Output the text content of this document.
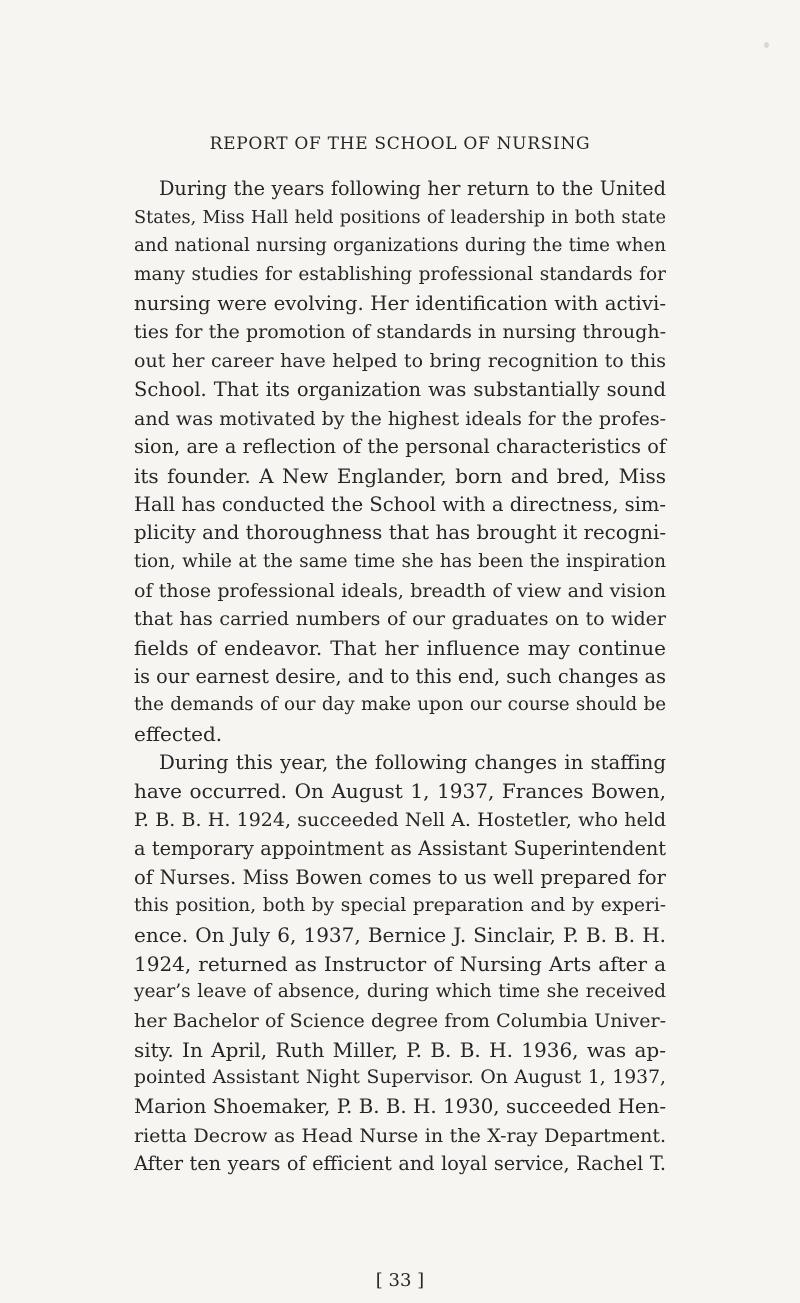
REPORT OF THE SCHOOL OF NURSING
During the years following her return to the United
States, Miss Hall held positions of leadership in both state
and national nursing organizations during the time when
many studies for establishing professional standards for
nursing were evolving. Her identification with activi-
ties for the promotion of standards in nursing through-
out her career have helped to bring recognition to this
School. That its organization was substantially sound
and was motivated by the highest ideals for the profes-
sion, are a reflection of the personal characteristics of
its founder. A New Englander, born and bred, Miss
Hall has conducted the School with a directness, sim-
plicity and thoroughness that has brought it recogni-
tion, while at the same time she has been the inspiration
of those professional ideals, breadth of view and vision
that has carried numbers of our graduates on to wider
fields of endeavor. That her influence may continue
is our earnest desire, and to this end, such changes as
the demands of our day make upon our course should be
effected.
During this year, the following changes in staffing
have occurred. On August 1, 1937, Frances Bowen,
P. B. B. H. 1924, succeeded Nell A. Hostetler, who held
a temporary appointment as Assistant Superintendent
of Nurses. Miss Bowen comes to us well prepared for
this position, both by special preparation and by experi-
ence. On July 6, 1937, Bernice J. Sinclair, P. B. B. H.
1924, returned as Instructor of Nursing Arts after a
year’s leave of absence, during which time she received
her Bachelor of Science degree from Columbia Univer-
sity. In April, Ruth Miller, P. B. B. H. 1936, was ap-
pointed Assistant Night Supervisor. On August 1, 1937,
Marion Shoemaker, P. B. B. H. 1930, succeeded Hen-
rietta Decrow as Head Nurse in the X-ray Department.
After ten years of efficient and loyal service, Rachel T.
[ 33 ]
